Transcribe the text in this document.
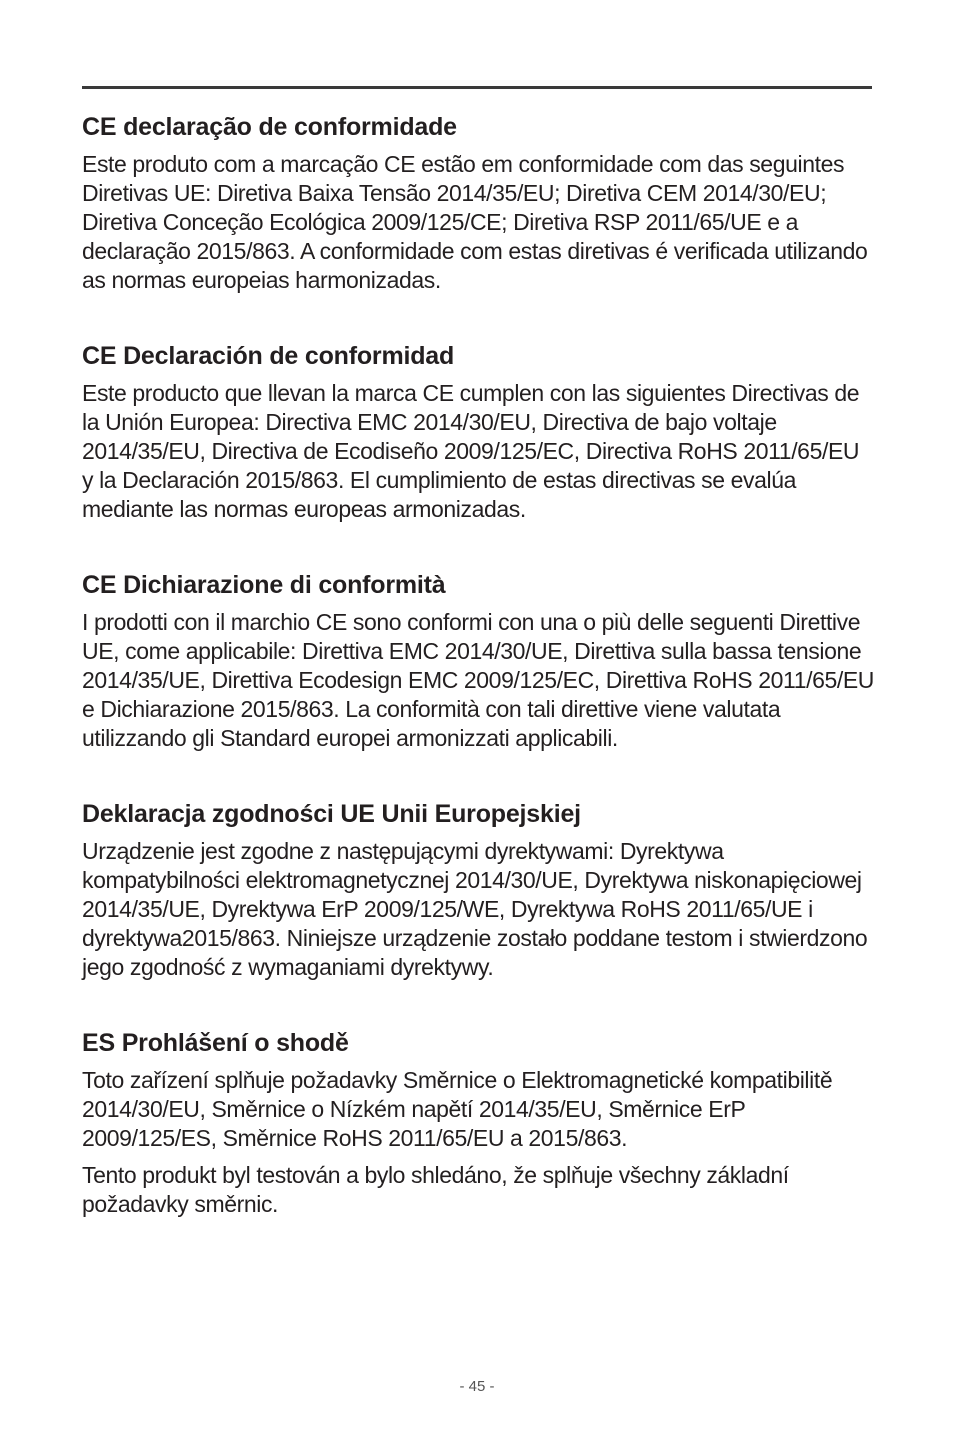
CE declaração de conformidade

Este produto com a marcação CE estão em conformidade com das seguintes Diretivas UE: Diretiva Baixa Tensão 2014/35/EU; Diretiva CEM 2014/30/EU; Diretiva Conceção Ecológica 2009/125/CE; Diretiva RSP 2011/65/UE e a declaração 2015/863. A conformidade com estas diretivas é verificada utilizando as normas europeias harmonizadas.

CE Declaración de conformidad

Este producto que llevan la marca CE cumplen con las siguientes Directivas de la Unión Europea: Directiva EMC 2014/30/EU, Directiva de bajo voltaje 2014/35/EU, Directiva de Ecodiseño 2009/125/EC, Directiva RoHS 2011/65/EU y la Declaración 2015/863. El cumplimiento de estas directivas se evalúa mediante las normas europeas armonizadas.

CE Dichiarazione di conformità

I prodotti con il marchio CE sono conformi con una o più delle seguenti Direttive UE, come applicabile: Direttiva EMC 2014/30/UE, Direttiva sulla bassa tensione 2014/35/UE, Direttiva Ecodesign EMC 2009/125/EC, Direttiva RoHS 2011/65/EU e Dichiarazione 2015/863. La conformità con tali direttive viene valutata utilizzando gli Standard europei armonizzati applicabili.

Deklaracja zgodności UE Unii Europejskiej

Urządzenie jest zgodne z następującymi dyrektywami: Dyrektywa kompatybilności elektromagnetycznej 2014/30/UE, Dyrektywa niskonapięciowej 2014/35/UE, Dyrektywa ErP 2009/125/WE, Dyrektywa RoHS 2011/65/UE i dyrektywa2015/863. Niniejsze urządzenie zostało poddane testom i stwierdzono jego zgodność z wymaganiami dyrektywy.

ES Prohlášení o shodě

Toto zařízení splňuje požadavky Směrnice o Elektromagnetické kompatibilitě 2014/30/EU, Směrnice o Nízkém napětí 2014/35/EU, Směrnice ErP 2009/125/ES, Směrnice RoHS 2011/65/EU a 2015/863.

Tento produkt byl testován a bylo shledáno, že splňuje všechny základní požadavky směrnic.

- 45 -
